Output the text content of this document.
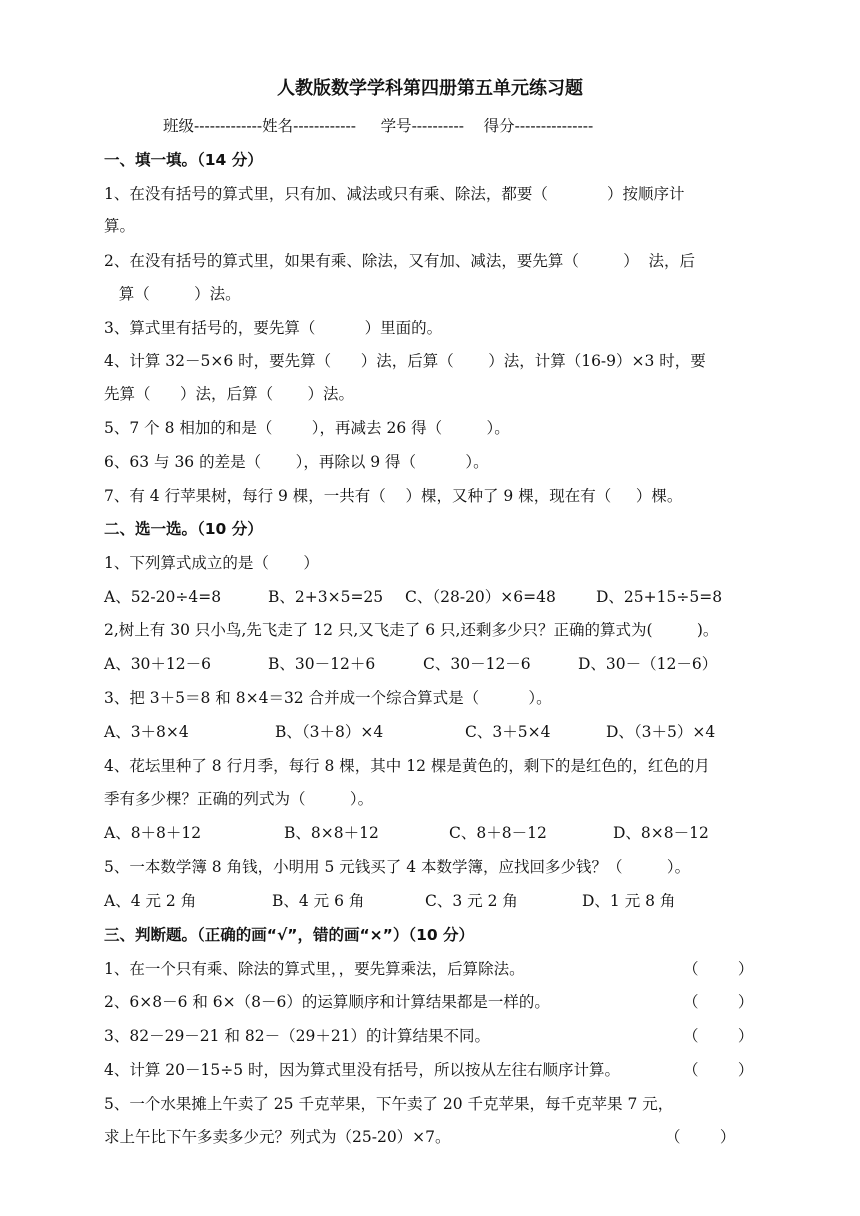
人教版数学学科第四册第五单元练习题
班级-------------姓名------------     学号----------    得分---------------
一、填一填。（14 分）
1、在没有括号的算式里，只有加、减法或只有乘、除法，都要（            ）按顺序计
算。
2、在没有括号的算式里，如果有乘、除法，又有加、减法，要先算（         ）  法，后
算（         ）法。
3、算式里有括号的，要先算（          ）里面的。
4、计算 32－5×6 时，要先算（      ）法，后算（       ）法，计算（16-9）×3 时，要
先算（      ）法，后算（       ）法。
5、7 个 8 相加的和是（        ），再减去 26 得（         ）。
6、63 与 36 的差是（       ），再除以 9 得（          ）。
7、有 4 行苹果树，每行 9 棵，一共有（    ）棵，又种了 9 棵，现在有（     ）棵。
二、选一选。（10 分）
1、下列算式成立的是（       ）
A、52-20÷4=8	B、2+3×5=25 C、（28-20）×6=48	D、25+15÷5=8
2,树上有 30 只小鸟,先飞走了 12 只,又飞走了 6 只,还剩多少只？正确的算式为(         )。
A、30＋12－6	B、30－12＋6	C、30－12－6	D、30－（12－6）
3、把 3＋5＝8 和 8×4＝32 合并成一个综合算式是（          ）。
A、3＋8×4	B、（3＋8）×4	C、3＋5×4	D、（3＋5）×4
4、花坛里种了 8 行月季，每行 8 棵，其中 12 棵是黄色的，剩下的是红色的，红色的月
季有多少棵？正确的列式为（         ）。
A、8＋8＋12	B、8×8＋12	C、8＋8－12	D、8×8－12
5、一本数学簿 8 角钱，小明用 5 元钱买了 4 本数学簿，应找回多少钱？（         ）。
A、4 元 2 角	B、4 元 6 角	C、3 元 2 角	D、1 元 8 角
三、判断题。（正确的画“√”，错的画“×”）（10 分）
1、在一个只有乘、除法的算式里，，要先算乘法，后算除法。	（        ）
2、6×8－6 和 6×（8－6）的运算顺序和计算结果都是一样的。	（        ）
3、82－29－21 和 82－（29＋21）的计算结果不同。	（        ）
4、计算 20－15÷5 时，因为算式里没有括号，所以按从左往右顺序计算。	（        ）
5、一个水果摊上午卖了 25 千克苹果，下午卖了 20 千克苹果，每千克苹果 7 元，
求上午比下午多卖多少元？列式为（25-20）×7。	（        ）
